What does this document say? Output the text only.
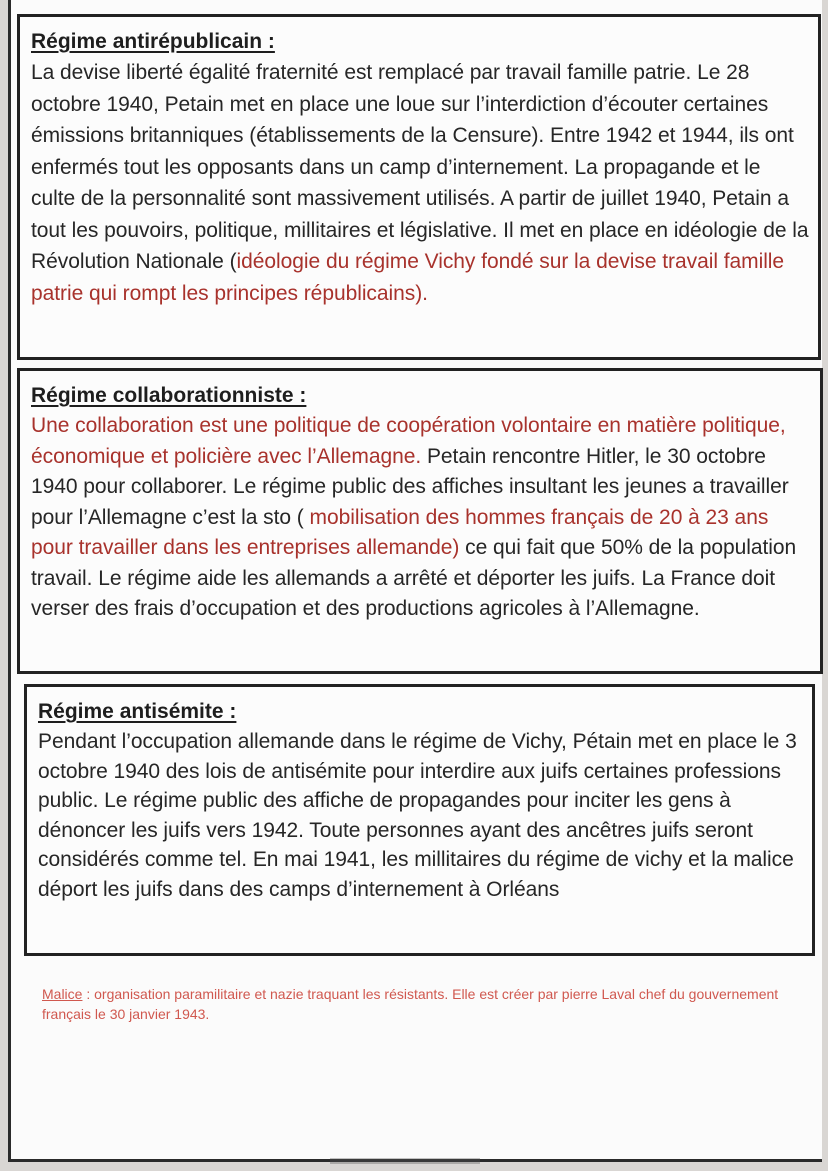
Régime antirépublicain :

La devise liberté égalité fraternité est remplacé par travail famille patrie. Le 28 octobre 1940, Petain met en place une loue sur l’interdiction d’écouter certaines émissions britanniques (établissements de la Censure). Entre 1942 et 1944, ils ont enfermés tout les opposants dans un camp d’internement. La propagande et le culte de la personnalité sont massivement utilisés. A partir de juillet 1940, Petain a tout les pouvoirs, politique, millitaires et législative. Il met en place en idéologie de la Révolution Nationale (idéologie du régime Vichy fondé sur la devise travail famille patrie qui rompt les principes républicains).

Régime collaborationniste :

Une collaboration est une politique de coopération volontaire en matière politique, économique et policière avec l’Allemagne. Petain rencontre Hitler, le 30 octobre 1940 pour collaborer. Le régime public des affiches insultant les jeunes a travailler pour l’Allemagne c’est la sto ( mobilisation des hommes français de 20 à 23 ans pour travailler dans les entreprises allemande) ce qui fait que 50% de la population travail. Le régime aide les allemands a arrêté et déporter les juifs. La France doit verser des frais d’occupation et des productions agricoles à l’Allemagne.

Régime antisémite :

Pendant l’occupation allemande dans le régime de Vichy, Pétain met en place le 3 octobre 1940 des lois de antisémite pour interdire aux juifs certaines professions public. Le régime public des affiche de propagandes pour inciter les gens à dénoncer les juifs vers 1942. Toute personnes ayant des ancêtres juifs seront considérés comme tel. En mai 1941, les millitaires du régime de vichy et la malice déport les juifs dans des camps d’internement à Orléans

Malice : organisation paramilitaire et nazie traquant les résistants. Elle est créer par pierre Laval chef du gouvernement français le 30 janvier 1943.
